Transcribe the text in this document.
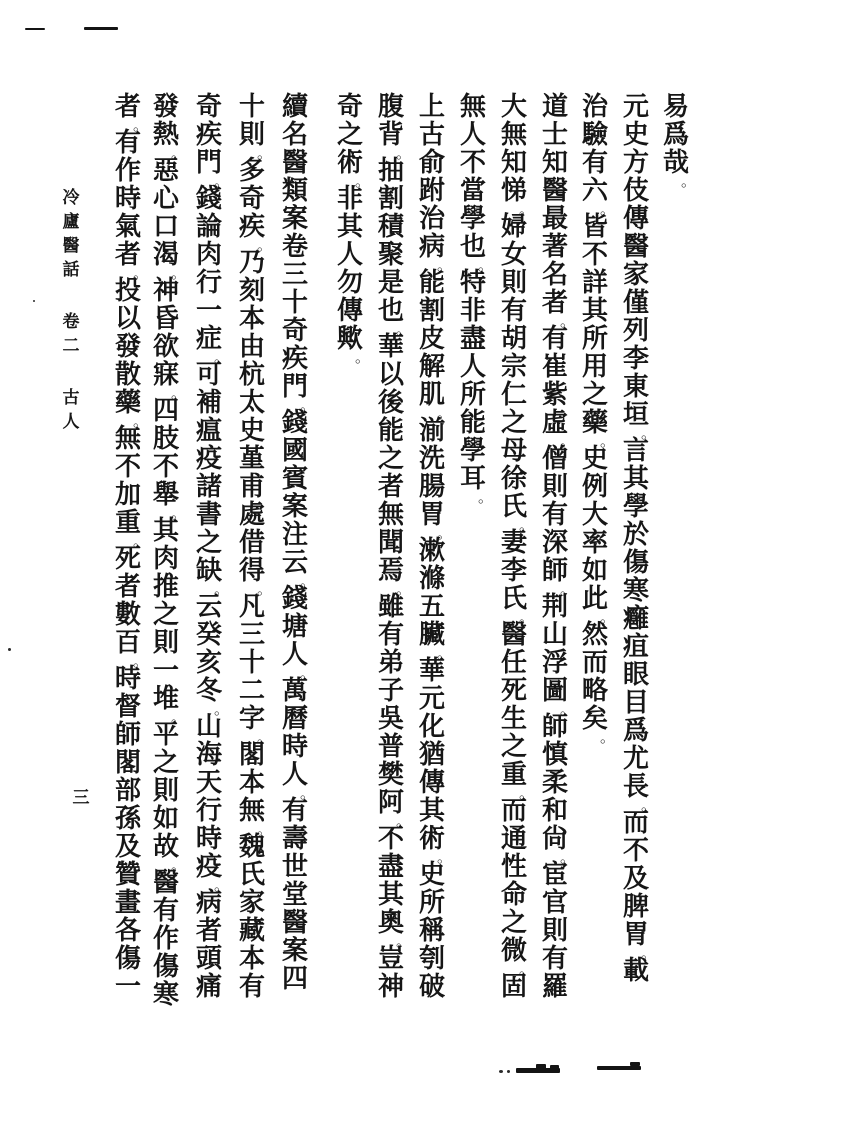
易
爲
哉
。
元
史
方
伎
傳
醫
家
僅
列
李
東
垣
。
言
其
學
於
傷
寒
癰
疽
眼
目
爲
尤
長
。
而
不
及
脾
胃
。
載
治
驗
有
六
。
皆
不
詳
其
所
用
之
藥
。
史
例
大
率
如
此
。
然
而
略
矣
。
道
士
知
醫
最
著
名
者
。
有
崔
紫
虛
。
僧
則
有
深
師
。
荆
山
浮
圖
。
師
慎
柔
和
尙
。
宦
官
則
有
羅
大
無
知
悌
。
婦
女
則
有
胡
宗
仁
之
母
徐
氏
。
妻
李
氏
。
醫
任
死
生
之
重
。
而
通
性
命
之
微
。
固
無
人
不
當
學
也
。
特
非
盡
人
所
能
學
耳
。
上
古
俞
跗
治
病
。
能
割
皮
解
肌
。
湔
洗
腸
胃
。
漱
滌
五
臟
。
華
元
化
猶
傳
其
術
。
史
所
稱
刳
破
腹
背
。
抽
割
積
聚
是
也
。
華
以
後
能
之
者
無
聞
焉
。
雖
有
弟
子
吳
普
樊
阿
。
不
盡
其
奧
。
豈
神
奇
之
術
。
非
其
人
勿
傳
歟
。
續
名
醫
類
案
卷
三
十
奇
疾
門
。
錢
國
賓
案
注
云
。
錢
塘
人
。
萬
曆
時
人
。
有
壽
世
堂
醫
案
四
十
則
。
多
奇
疾
。
乃
刻
本
由
杭
太
史
堇
甫
處
借
得
。
凡
三
十
二
字
。
閣
本
無
。
魏
氏
家
藏
本
有
奇
疾
門
。
錢
論
肉
行
一
症
。
可
補
瘟
疫
諸
書
之
缺
。
云
癸
亥
冬
。
山
海
天
行
時
疫
。
病
者
頭
痛
發
熱
。
惡
心
口
渴
。
神
昏
欲
寐
。
四
肢
不
舉
。
其
肉
推
之
則
一
堆
。
平
之
則
如
故
。
醫
有
作
傷
寒
者
。
有
作
時
氣
者
。
投
以
發
散
藥
。
無
不
加
重
。
死
者
數
百
。
時
督
師
閣
部
孫
及
贊
畫
各
傷
一
冷
廬
醫
話
卷
二
古
人
三
